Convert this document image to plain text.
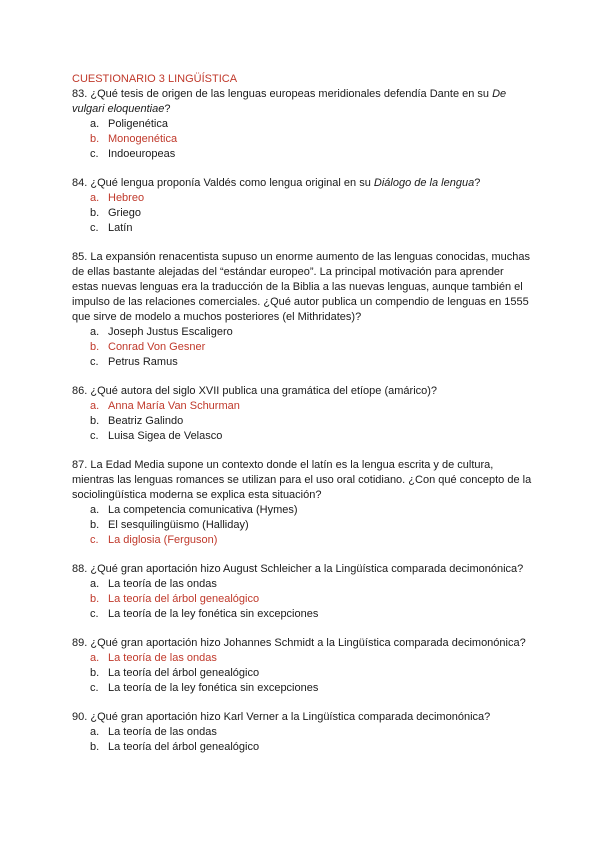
CUESTIONARIO 3 LINGÜÍSTICA

83. ¿Qué tesis de origen de las lenguas europeas meridionales defendía Dante en su De vulgari eloquentiae?

a. Poligenética
b. Monogenética
c. Indoeuropeas

84. ¿Qué lengua proponía Valdés como lengua original en su Diálogo de la lengua?

a. Hebreo
b. Griego
c. Latín

85. La expansión renacentista supuso un enorme aumento de las lenguas conocidas, muchas de ellas bastante alejadas del “estándar europeo”. La principal motivación para aprender estas nuevas lenguas era la traducción de la Biblia a las nuevas lenguas, aunque también el impulso de las relaciones comerciales. ¿Qué autor publica un compendio de lenguas en 1555 que sirve de modelo a muchos posteriores (el Mithridates)?

a. Joseph Justus Escaligero
b. Conrad Von Gesner
c. Petrus Ramus

86. ¿Qué autora del siglo XVII publica una gramática del etíope (amárico)?

a. Anna María Van Schurman
b. Beatriz Galindo
c. Luisa Sigea de Velasco

87. La Edad Media supone un contexto donde el latín es la lengua escrita y de cultura, mientras las lenguas romances se utilizan para el uso oral cotidiano. ¿Con qué concepto de la sociolingüística moderna se explica esta situación?

a. La competencia comunicativa (Hymes)
b. El sesquilingüismo (Halliday)
c. La diglosia (Ferguson)

88. ¿Qué gran aportación hizo August Schleicher a la Lingüística comparada decimonónica?

a. La teoría de las ondas
b. La teoría del árbol genealógico
c. La teoría de la ley fonética sin excepciones

89. ¿Qué gran aportación hizo Johannes Schmidt a la Lingüística comparada decimonónica?

a. La teoría de las ondas
b. La teoría del árbol genealógico
c. La teoría de la ley fonética sin excepciones

90. ¿Qué gran aportación hizo Karl Verner a la Lingüística comparada decimonónica?

a. La teoría de las ondas
b. La teoría del árbol genealógico
